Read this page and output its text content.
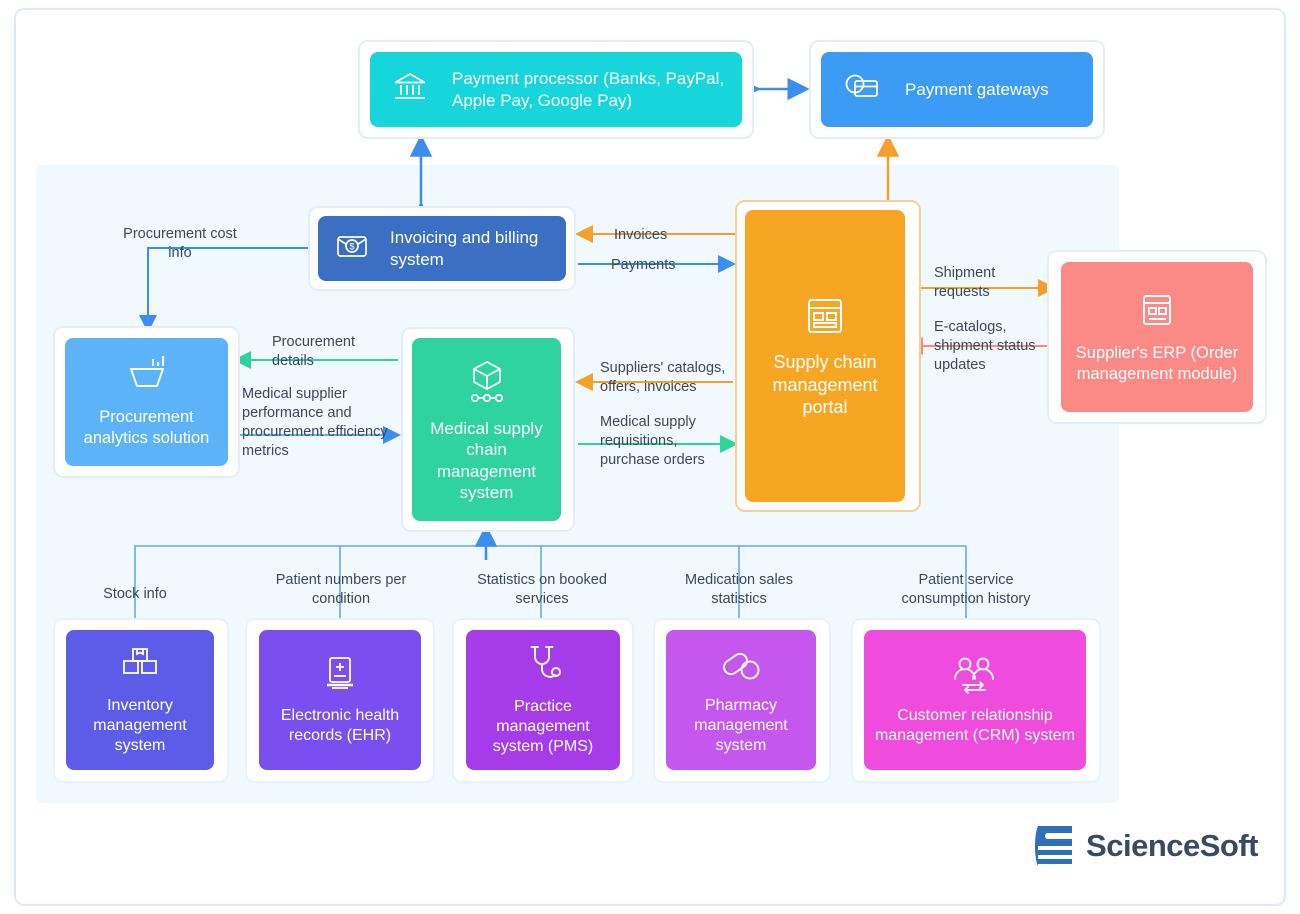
Payment processor (Banks, PayPal, Apple Pay, Google Pay)
Payment gateways
$	Invoicing and billing system
Supply chain management portal
Supplier's ERP (Order management module)
Procurement analytics solution	Medical supply chain management system
Inventory management system
Electronic health records (EHR)
Practice management system (PMS)
Pharmacy management system
Customer relationship management (CRM) system
Procurement cost info
Invoices
Payments	Shipment requests
E-catalogs, shipment status updates
Procurement details
Medical supplier performance and procurement efficiency metrics
Suppliers' catalogs, offers, invoices
Medical supply requisitions, purchase orders
Stock info
Patient numbers per condition
Statistics on booked services
Medication sales statistics
Patient service consumption history
ScienceSoft
